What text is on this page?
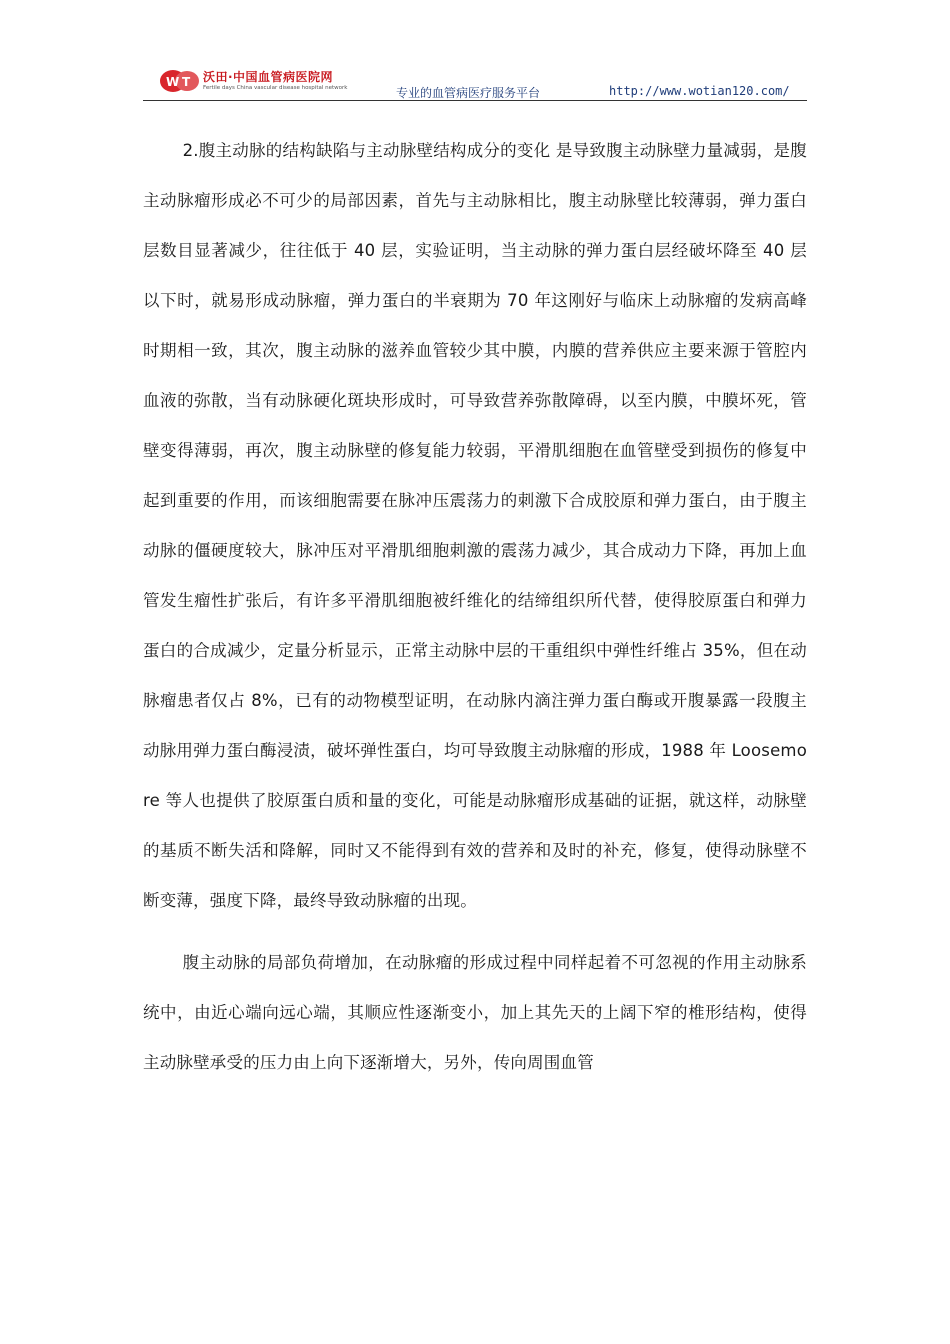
W T 沃田·中国血管病医院网
Fertile days China vascular disease hospital network	专业的血管病医疗服务平台	http://www.wotian120.com/

2.腹主动脉的结构缺陷与主动脉壁结构成分的变化 是导致腹主动脉壁力量减弱，是腹主动脉瘤形成必不可少的局部因素，首先与主动脉相比，腹主动脉壁比较薄弱，弹力蛋白层数目显著减少，往往低于 40 层，实验证明，当主动脉的弹力蛋白层经破坏降至 40 层以下时，就易形成动脉瘤，弹力蛋白的半衰期为 70 年这刚好与临床上动脉瘤的发病高峰时期相一致，其次，腹主动脉的滋养血管较少其中膜，内膜的营养供应主要来源于管腔内血液的弥散，当有动脉硬化斑块形成时，可导致营养弥散障碍，以至内膜，中膜坏死，管壁变得薄弱，再次，腹主动脉壁的修复能力较弱，平滑肌细胞在血管壁受到损伤的修复中起到重要的作用，而该细胞需要在脉冲压震荡力的刺激下合成胶原和弹力蛋白，由于腹主动脉的僵硬度较大，脉冲压对平滑肌细胞刺激的震荡力减少，其合成动力下降，再加上血管发生瘤性扩张后，有许多平滑肌细胞被纤维化的结缔组织所代替，使得胶原蛋白和弹力蛋白的合成减少，定量分析显示，正常主动脉中层的干重组织中弹性纤维占 35%，但在动脉瘤患者仅占 8%，已有的动物模型证明，在动脉内滴注弹力蛋白酶或开腹暴露一段腹主动脉用弹力蛋白酶浸渍，破坏弹性蛋白，均可导致腹主动脉瘤的形成，1988 年 Loosemore 等人也提供了胶原蛋白质和量的变化，可能是动脉瘤形成基础的证据，就这样，动脉壁的基质不断失活和降解，同时又不能得到有效的营养和及时的补充，修复，使得动脉壁不断变薄，强度下降，最终导致动脉瘤的出现。

腹主动脉的局部负荷增加，在动脉瘤的形成过程中同样起着不可忽视的作用主动脉系统中，由近心端向远心端，其顺应性逐渐变小，加上其先天的上阔下窄的椎形结构，使得主动脉壁承受的压力由上向下逐渐增大，另外，传向周围血管
